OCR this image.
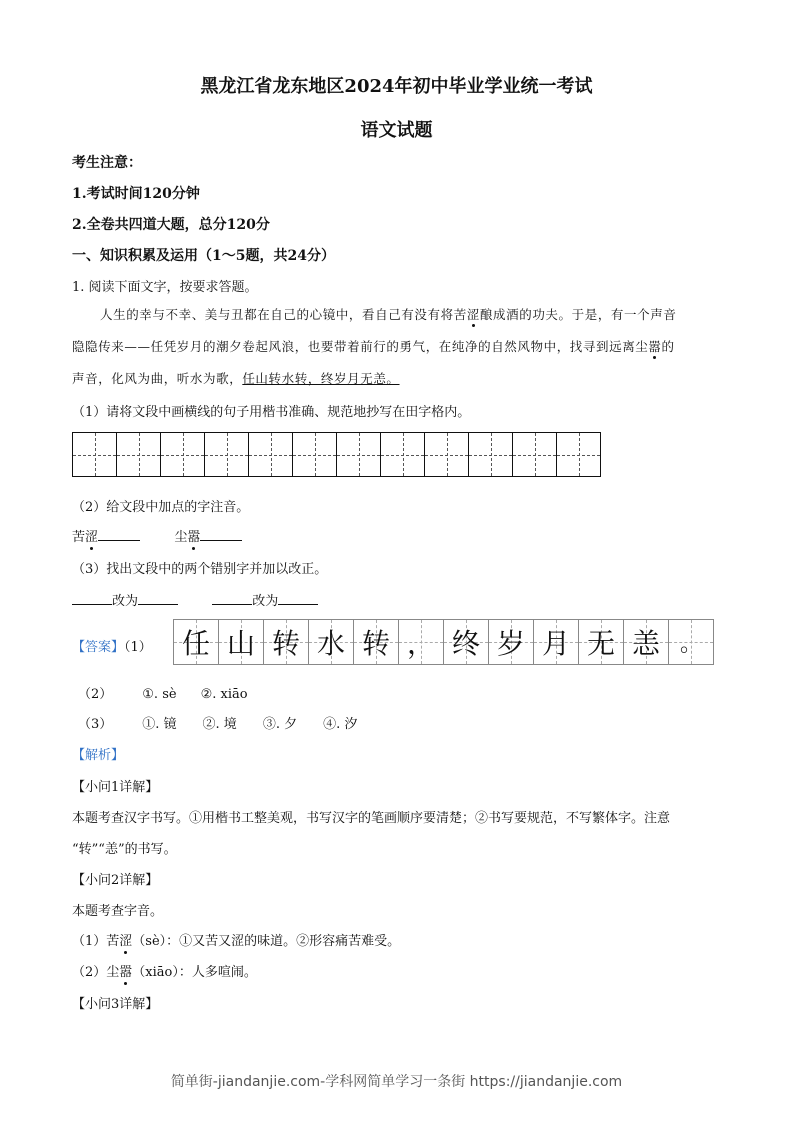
黑龙江省龙东地区2024年初中毕业学业统一考试
语文试题
考生注意：
1.考试时间120分钟
2.全卷共四道大题，总分120分
一、知识积累及运用（1～5题，共24分）
1. 阅读下面文字，按要求答题。
人生的幸与不幸、美与丑都在自己的心镜中，看自己有没有将苦涩酿成酒的功夫。于是，有一个声音
隐隐传来——任凭岁月的潮夕卷起风浪，也要带着前行的勇气，在纯净的自然风物中，找寻到远离尘嚣的
声音，化风为曲，听水为歌，任山转水转，终岁月无恙。
（1）请将文段中画横线的句子用楷书准确、规范地抄写在田字格内。
（2）给文段中加点的字注音。
苦涩	尘嚣
（3）找出文段中的两个错别字并加以改正。
改为	改为
【答案】（1） 任 山 转 水 转 ， 终 岁 月 无 恙 。
（2） ①. sè ②. xiāo
（3） ①. 镜 ②. 境 ③. 夕 ④. 汐
【解析】
【小问1详解】
本题考查汉字书写。①用楷书工整美观，书写汉字的笔画顺序要清楚；②书写要规范，不写繁体字。注意
“转”“恙”的书写。
【小问2详解】
本题考查字音。
（1）苦涩（sè）：①又苦又涩的味道。②形容痛苦难受。
（2）尘嚣（xiāo）：人多喧闹。
【小问3详解】
简单街-jiandanjie.com-学科网简单学习一条街 https://jiandanjie.com
